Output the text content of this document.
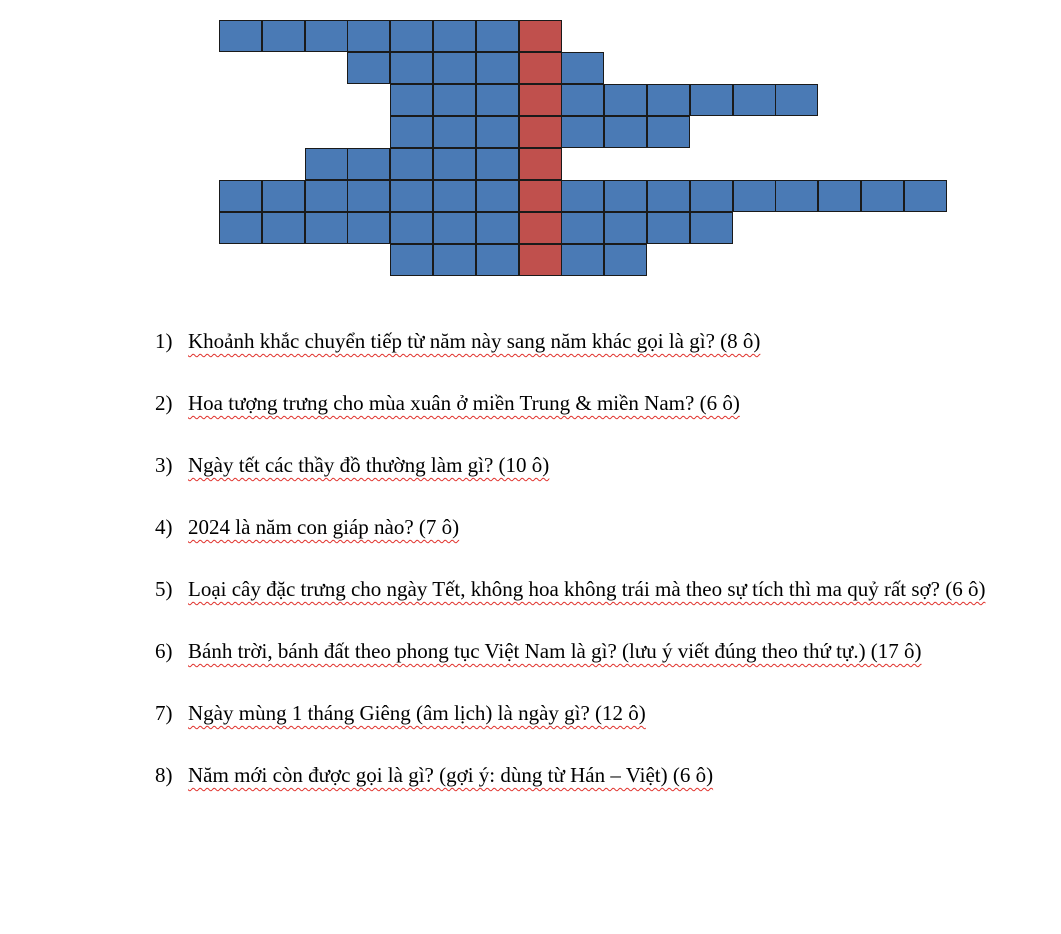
1) Khoảnh khắc chuyển tiếp từ năm này sang năm khác gọi là gì? (8 ô)
2) Hoa tượng trưng cho mùa xuân ở miền Trung & miền Nam? (6 ô)
3) Ngày tết các thầy đồ thường làm gì? (10 ô)
4) 2024 là năm con giáp nào? (7 ô)
5) Loại cây đặc trưng cho ngày Tết, không hoa không trái mà theo sự tích thì ma quỷ rất sợ? (6 ô)
6) Bánh trời, bánh đất theo phong tục Việt Nam là gì? (lưu ý viết đúng theo thứ tự.) (17 ô)
7) Ngày mùng 1 tháng Giêng (âm lịch) là ngày gì? (12 ô)
8) Năm mới còn được gọi là gì? (gợi ý: dùng từ Hán – Việt) (6 ô)
